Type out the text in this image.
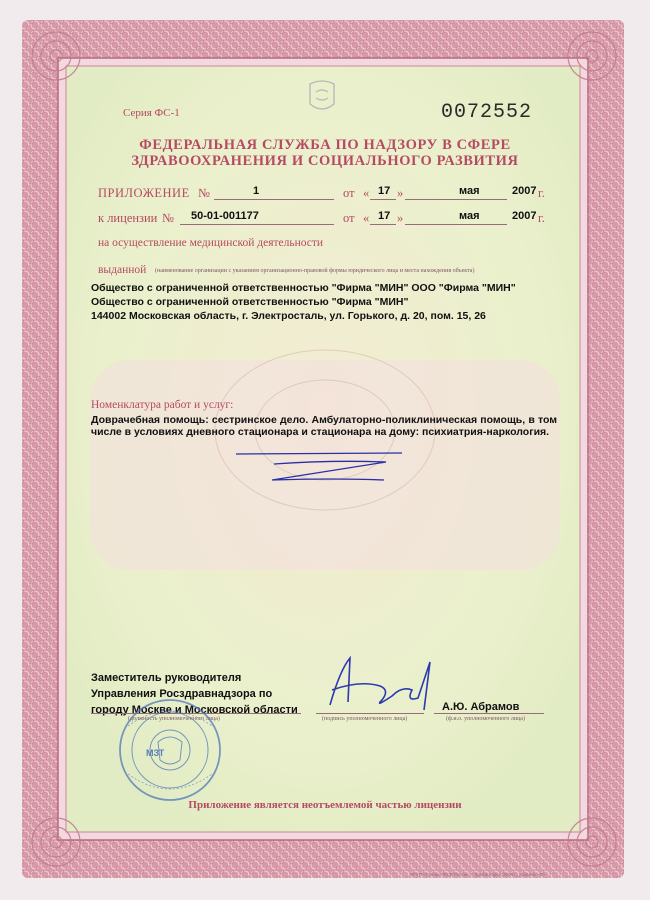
Серия ФС-1	0072552
ФЕДЕРАЛЬНАЯ СЛУЖБА ПО НАДЗОРУ В СФЕРЕ
ЗДРАВООХРАНЕНИЯ И СОЦИАЛЬНОГО РАЗВИТИЯ
ПРИЛОЖЕНИЕ №	1	от « 17 »	мая	2007 г.
к лицензии № 50-01-001177	от « 17 »	мая	2007 г.
на осуществление медицинской деятельности
выданной (наименование организации с указанием организационно-правовой формы юридического лица и места нахождения объекта)
Общество с ограниченной ответственностью "Фирма "МИН" ООО "Фирма "МИН"
Общество с ограниченной ответственностью "Фирма "МИН"
144002 Московская область, г. Электросталь, ул. Горького, д. 20, пом. 15, 26
Номенклатура работ и услуг:
Доврачебная помощь: сестринское дело. Амбулаторно-поликлиническая помощь, в том числе в условиях дневного стационара и стационара на дому: психиатрия-наркология.
Заместитель руководителя
Управления Росздравнадзора по
городу Москве и Московской области
(должность уполномоченного лица)	(подпись уполномоченного лица)
А.Ю. Абрамов
(ф.и.о. уполномоченного лица)
МЗТ
Приложение является неотъемлемой частью лицензии
ФГУП «Гознак» ФСБ России, г. Красногорск, 2006 г., уровень «Б»
